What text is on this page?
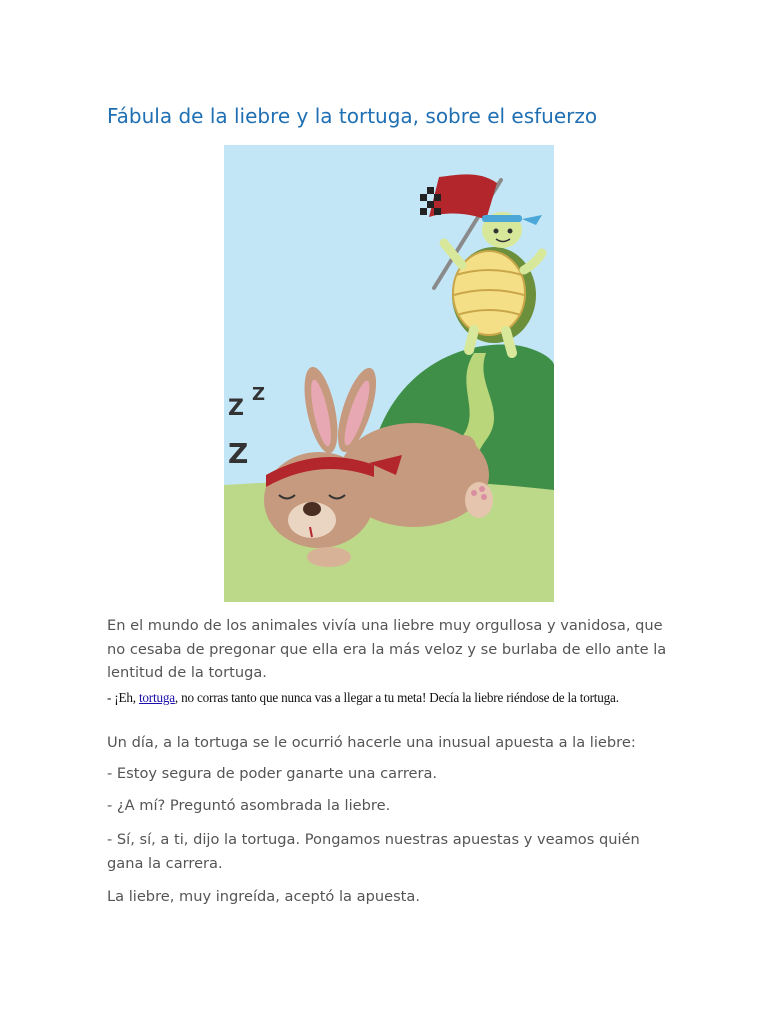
Fábula de la liebre y la tortuga, sobre el esfuerzo
Z
Z
Z

En el mundo de los animales vivía una liebre muy orgullosa y vanidosa, que no cesaba de pregonar que ella era la más veloz y se burlaba de ello ante la lentitud de la tortuga.

- ¡Eh, tortuga, no corras tanto que nunca vas a llegar a tu meta! Decía la liebre riéndose de la tortuga.

Un día, a la tortuga se le ocurrió hacerle una inusual apuesta a la liebre:

- Estoy segura de poder ganarte una carrera.

- ¿A mí? Preguntó asombrada la liebre.

- Sí, sí, a ti, dijo la tortuga. Pongamos nuestras apuestas y veamos quién gana la carrera.

La liebre, muy ingreída, aceptó la apuesta.
